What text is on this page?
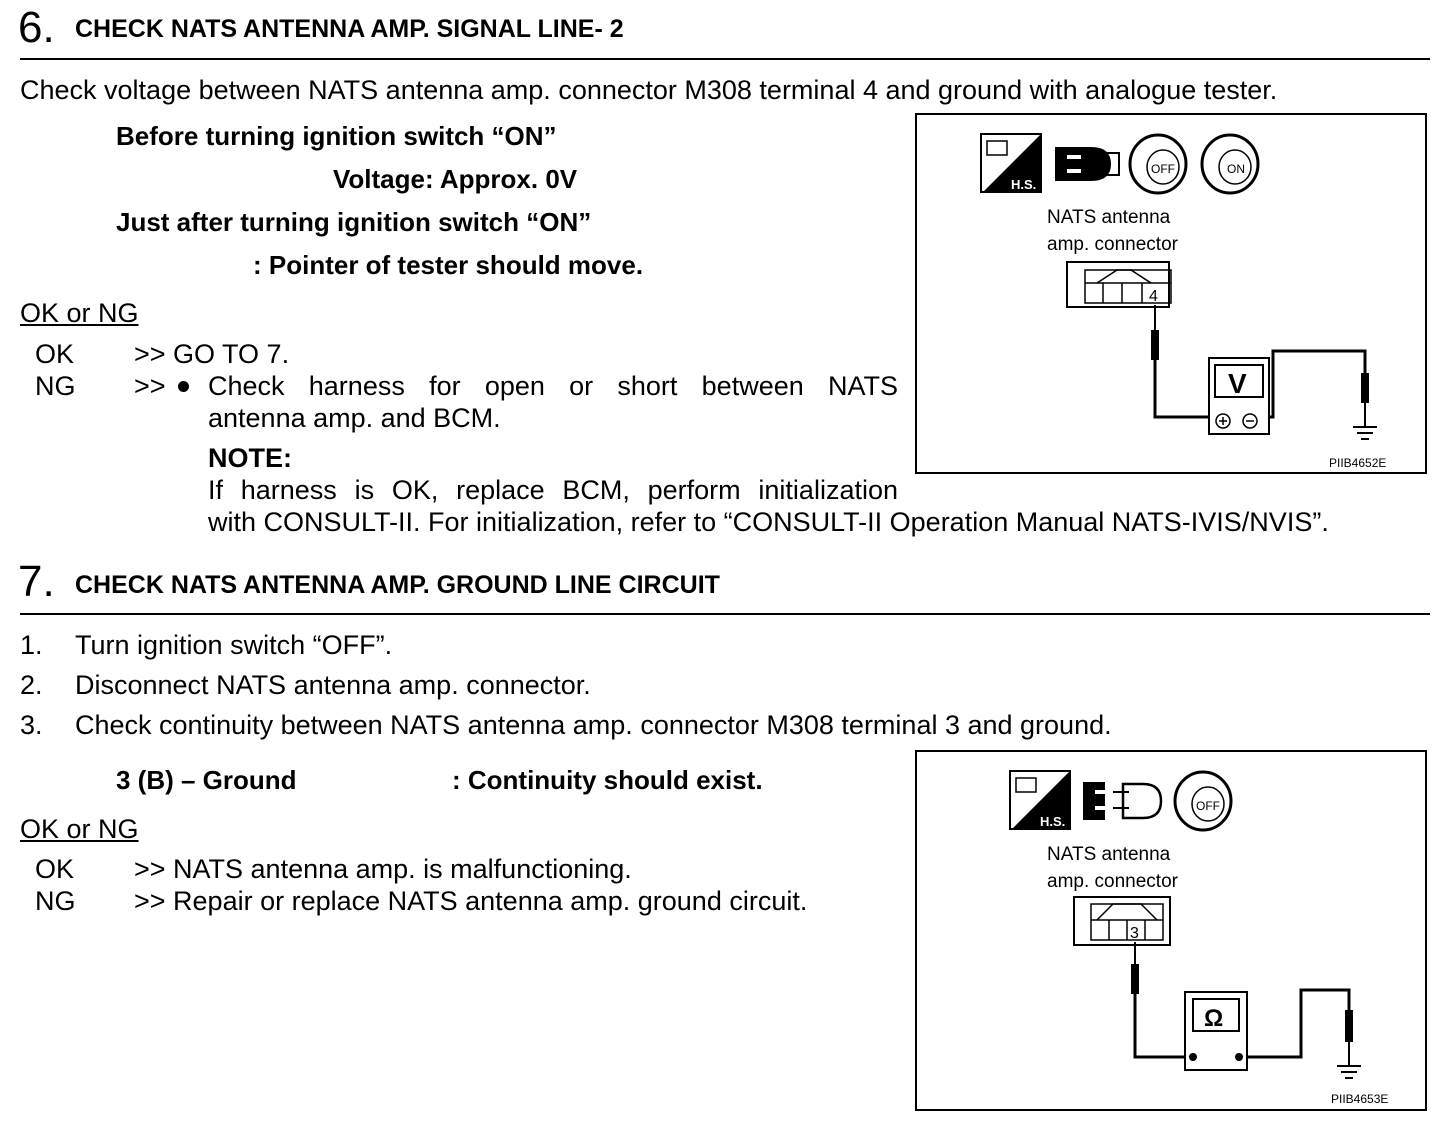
6. CHECK NATS ANTENNA AMP. SIGNAL LINE- 2
Check voltage between NATS antenna amp. connector M308 terminal 4 and ground with analogue tester.
Before turning ignition switch “ON”
Voltage: Approx. 0V
Just after turning ignition switch “ON”
: Pointer of tester should move.
OK or NG
OK >> GO TO 7.
NG >> Check harness for open or short between NATS
antenna amp. and BCM.
NOTE:
If harness is OK, replace BCM, perform initialization
with CONSULT-II. For initialization, refer to “CONSULT-II Operation Manual NATS-IVIS/NVIS”.
H.S.
OFF	ON
4
V
NATS antenna
amp. connector
PIIB4652E
7. CHECK NATS ANTENNA AMP. GROUND LINE CIRCUIT
1. Turn ignition switch “OFF”.
2. Disconnect NATS antenna amp. connector.
3. Check continuity between NATS antenna amp. connector M308 terminal 3 and ground.
3 (B) – Ground	: Continuity should exist.
OK or NG
OK >> NATS antenna amp. is malfunctioning.
NG >> Repair or replace NATS antenna amp. ground circuit.
H.S.
OFF
3
Ω
NATS antenna
amp. connector
PIIB4653E
